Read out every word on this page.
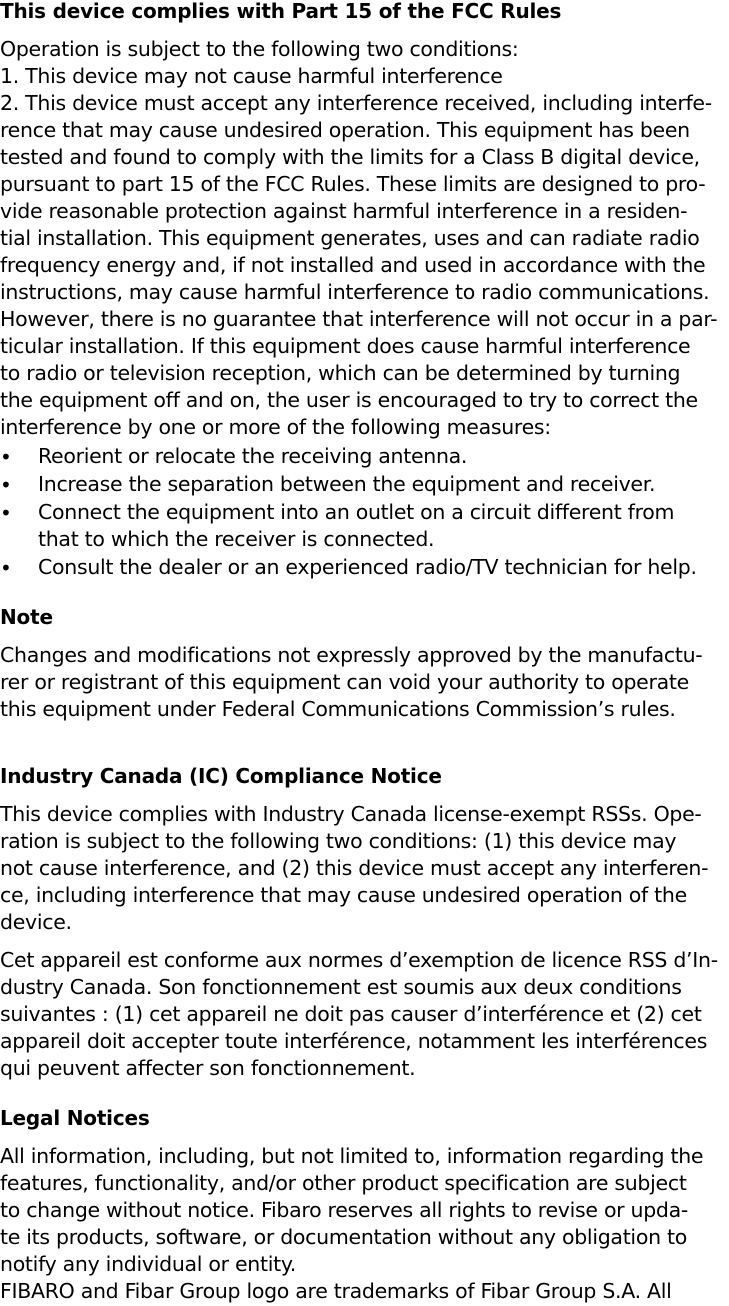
This device complies with Part 15 of the FCC Rules
Operation is subject to the following two conditions:
1. This device may not cause harmful interference
2. This device must accept any interference received, including interfe-
rence that may cause undesired operation. This equipment has been
tested and found to comply with the limits for a Class B digital device,
pursuant to part 15 of the FCC Rules. These limits are designed to pro-
vide reasonable protection against harmful interference in a residen-
tial installation. This equipment generates, uses and can radiate radio
frequency energy and, if not installed and used in accordance with the
instructions, may cause harmful interference to radio communications.
However, there is no guarantee that interference will not occur in a par-
ticular installation. If this equipment does cause harmful interference
to radio or television reception, which can be determined by turning
the equipment off and on, the user is encouraged to try to correct the
interference by one or more of the following measures:
• Reorient or relocate the receiving antenna.
• Increase the separation between the equipment and receiver.
• Connect the equipment into an outlet on a circuit different from
that to which the receiver is connected.
• Consult the dealer or an experienced radio/TV technician for help.
Note
Changes and modifications not expressly approved by the manufactu-
rer or registrant of this equipment can void your authority to operate
this equipment under Federal Communications Commission’s rules.
Industry Canada (IC) Compliance Notice
This device complies with Industry Canada license-exempt RSSs. Ope-
ration is subject to the following two conditions: (1) this device may
not cause interference, and (2) this device must accept any interferen-
ce, including interference that may cause undesired operation of the
device.
Cet appareil est conforme aux normes d’exemption de licence RSS d’In-
dustry Canada. Son fonctionnement est soumis aux deux conditions
suivantes : (1) cet appareil ne doit pas causer d’interférence et (2) cet
appareil doit accepter toute interférence, notamment les interférences
qui peuvent affecter son fonctionnement.
Legal Notices
All information, including, but not limited to, information regarding the
features, functionality, and/or other product specification are subject
to change without notice. Fibaro reserves all rights to revise or upda-
te its products, software, or documentation without any obligation to
notify any individual or entity.
FIBARO and Fibar Group logo are trademarks of Fibar Group S.A. All
